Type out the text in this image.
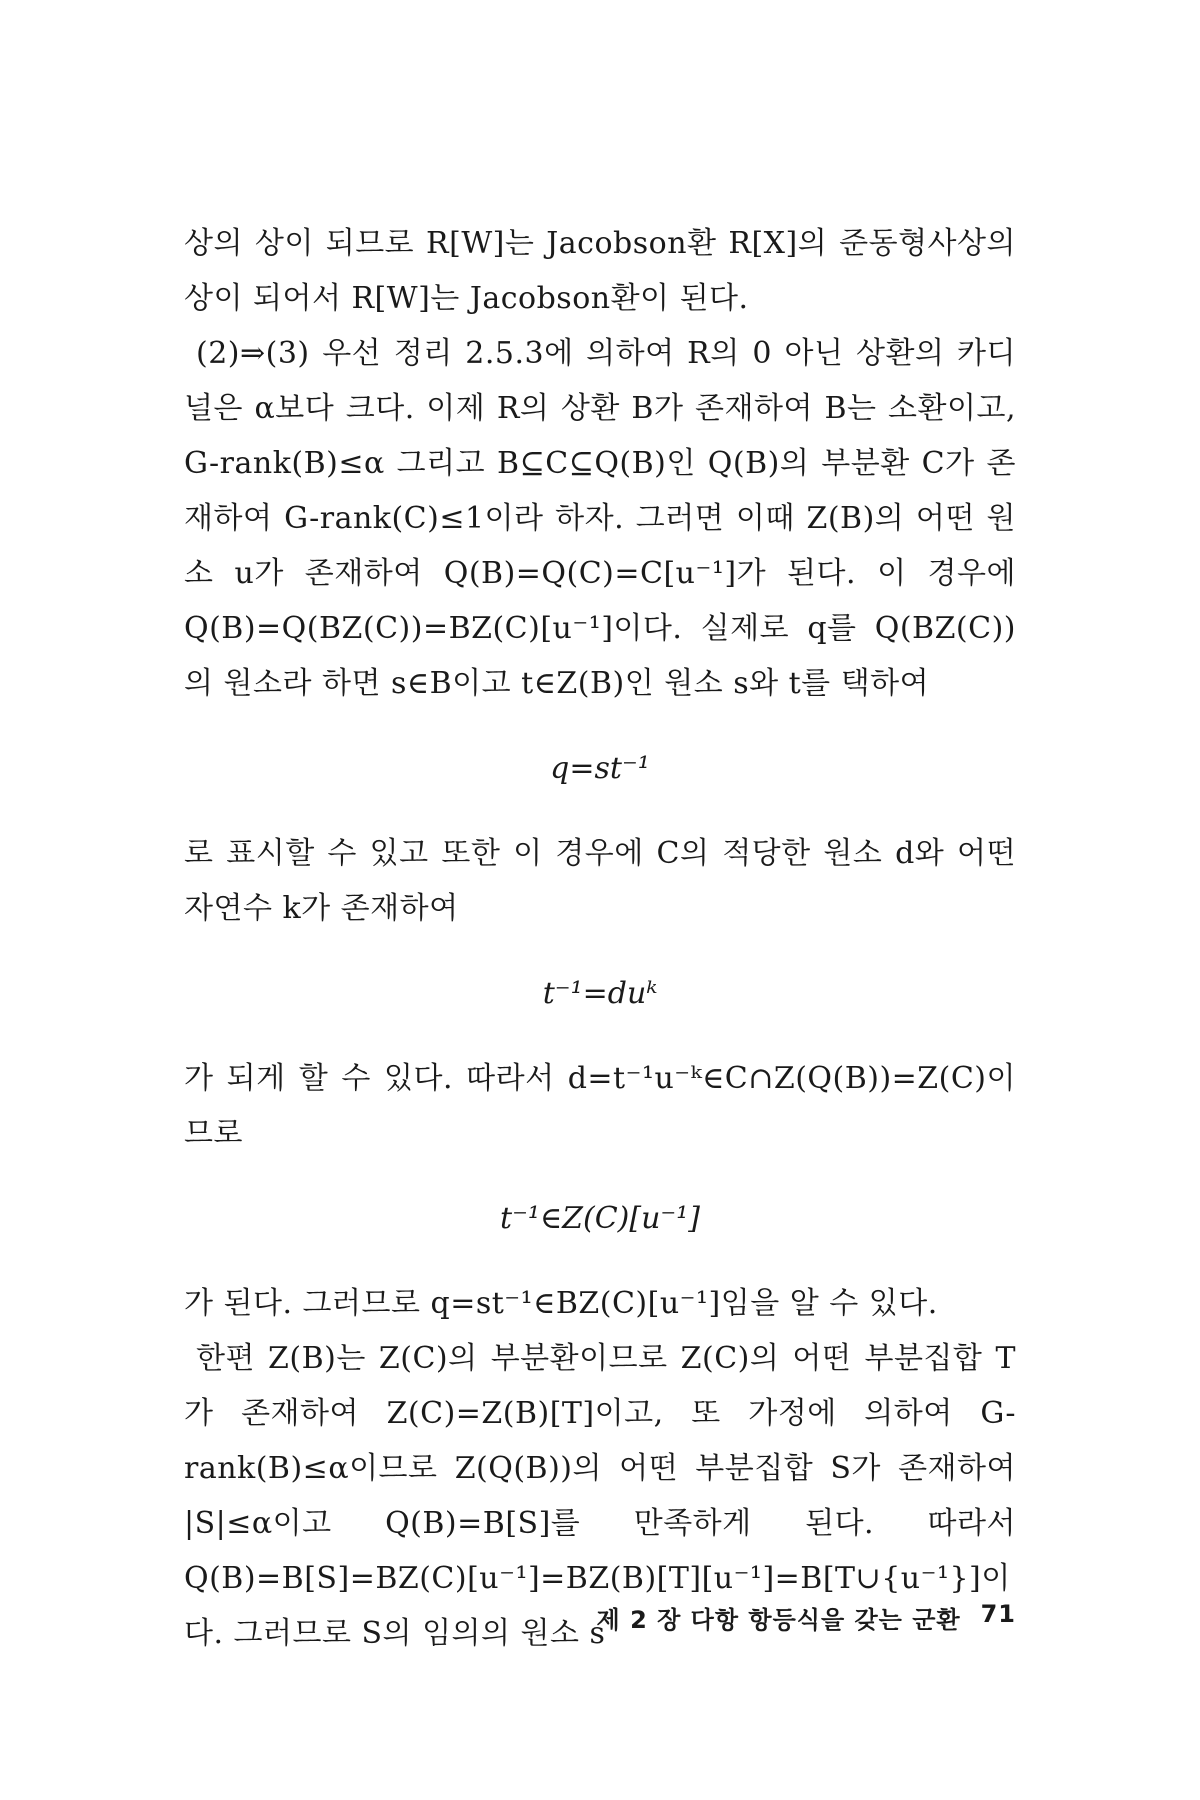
상의 상이 되므로 R[W]는 Jacobson환 R[X]의 준동형사상의 상이 되어서 R[W]는 Jacobson환이 된다.

(2)⇒(3) 우선 정리 2.5.3에 의하여 R의 0 아닌 상환의 카디널은 α보다 크다. 이제 R의 상환 B가 존재하여 B는 소환이고, G-rank(B)≤α 그리고 B⊆C⊆Q(B)인 Q(B)의 부분환 C가 존재하여 G-rank(C)≤1이라 하자. 그러면 이때 Z(B)의 어떤 원소 u가 존재하여 Q(B)=Q(C)=C[u⁻¹]가 된다. 이 경우에 Q(B)=Q(BZ(C))=BZ(C)[u⁻¹]이다. 실제로 q를 Q(BZ(C))의 원소라 하면 s∈B이고 t∈Z(B)인 원소 s와 t를 택하여

q=st⁻¹

로 표시할 수 있고 또한 이 경우에 C의 적당한 원소 d와 어떤 자연수 k가 존재하여

t⁻¹=duᵏ

가 되게 할 수 있다. 따라서 d=t⁻¹u⁻ᵏ∈C∩Z(Q(B))=Z(C)이므로

t⁻¹∈Z(C)[u⁻¹]

가 된다. 그러므로 q=st⁻¹∈BZ(C)[u⁻¹]임을 알 수 있다.

한편 Z(B)는 Z(C)의 부분환이므로 Z(C)의 어떤 부분집합 T가 존재하여 Z(C)=Z(B)[T]이고, 또 가정에 의하여 G-rank(B)≤α이므로 Z(Q(B))의 어떤 부분집합 S가 존재하여 |S|≤α이고 Q(B)=B[S]를 만족하게 된다. 따라서 Q(B)=B[S]=BZ(C)[u⁻¹]=BZ(B)[T][u⁻¹]=B[T∪{u⁻¹}]이다. 그러므로 S의 임의의 원소 s

제 2 장 다항 항등식을 갖는 군환 71
